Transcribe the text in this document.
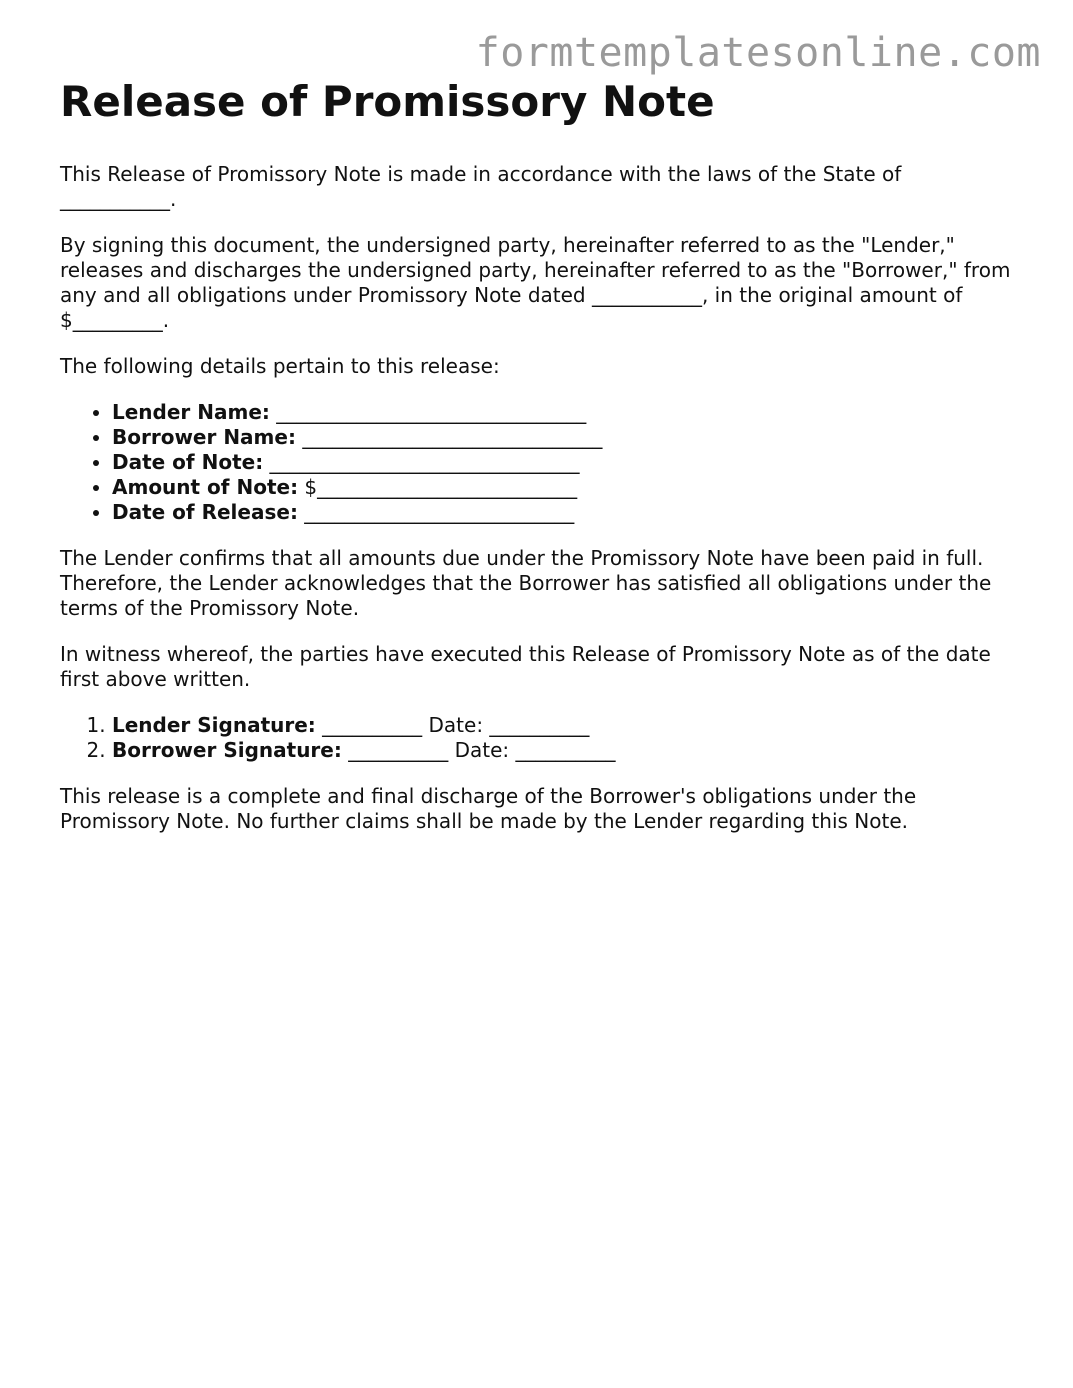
formtemplatesonline.com
Release of Promissory Note

This Release of Promissory Note is made in accordance with the laws of the State of ___________.

By signing this document, the undersigned party, hereinafter referred to as the "Lender," releases and discharges the undersigned party, hereinafter referred to as the "Borrower," from any and all obligations under Promissory Note dated ___________, in the original amount of $_________.

The following details pertain to this release:

• Lender Name: _______________________________
• Borrower Name: ______________________________
• Date of Note: _______________________________
• Amount of Note: $__________________________
• Date of Release: ___________________________

The Lender confirms that all amounts due under the Promissory Note have been paid in full. Therefore, the Lender acknowledges that the Borrower has satisfied all obligations under the terms of the Promissory Note.

In witness whereof, the parties have executed this Release of Promissory Note as of the date first above written.

1. Lender Signature: __________ Date: __________
2. Borrower Signature: __________ Date: __________

This release is a complete and final discharge of the Borrower's obligations under the Promissory Note. No further claims shall be made by the Lender regarding this Note.
